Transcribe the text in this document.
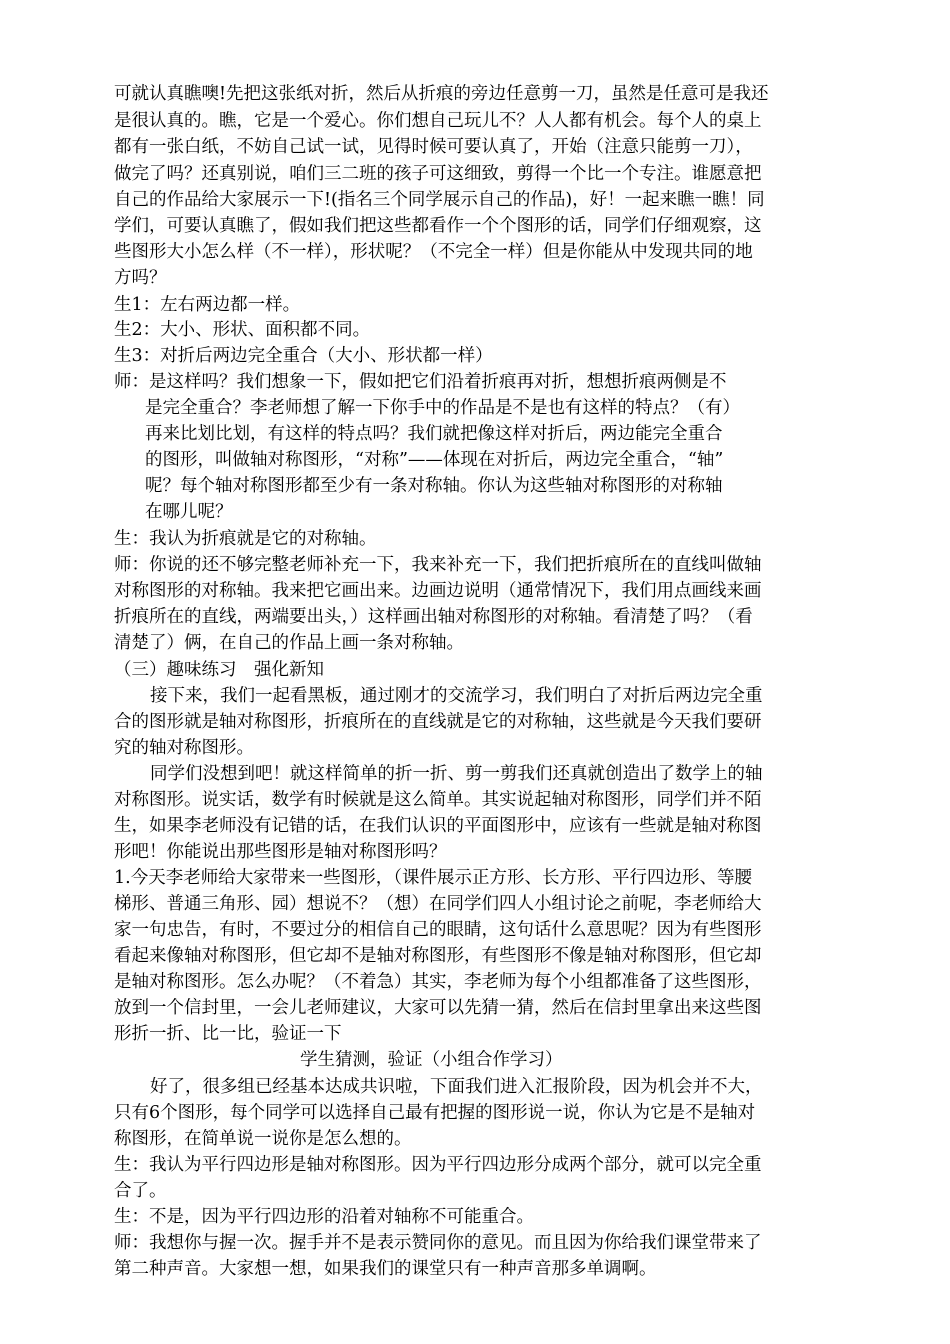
可就认真瞧噢!先把这张纸对折，然后从折痕的旁边任意剪一刀，虽然是任意可是我还
是很认真的。瞧，它是一个爱心。你们想自己玩儿不？人人都有机会。每个人的桌上
都有一张白纸，不妨自己试一试，见得时候可要认真了，开始（注意只能剪一刀），
做完了吗？还真别说，咱们三二班的孩子可这细致，剪得一个比一个专注。谁愿意把
自己的作品给大家展示一下!(指名三个同学展示自己的作品)，好！一起来瞧一瞧！同
学们，可要认真瞧了，假如我们把这些都看作一个个图形的话，同学们仔细观察，这
些图形大小怎么样（不一样），形状呢？（不完全一样）但是你能从中发现共同的地
方吗？
生1：左右两边都一样。
生2：大小、形状、面积都不同。
生3：对折后两边完全重合（大小、形状都一样）
师：是这样吗？我们想象一下，假如把它们沿着折痕再对折，想想折痕两侧是不
是完全重合？李老师想了解一下你手中的作品是不是也有这样的特点？（有）
再来比划比划，有这样的特点吗？我们就把像这样对折后，两边能完全重合
的图形，叫做轴对称图形，“对称”——体现在对折后，两边完全重合，“轴”
呢？每个轴对称图形都至少有一条对称轴。你认为这些轴对称图形的对称轴
在哪儿呢？
生：我认为折痕就是它的对称轴。
师：你说的还不够完整老师补充一下，我来补充一下，我们把折痕所在的直线叫做轴
对称图形的对称轴。我来把它画出来。边画边说明（通常情况下，我们用点画线来画
折痕所在的直线，两端要出头，）这样画出轴对称图形的对称轴。看清楚了吗？（看
清楚了）俩，在自己的作品上画一条对称轴。
（三）趣味练习　强化新知
接下来，我们一起看黑板，通过刚才的交流学习，我们明白了对折后两边完全重
合的图形就是轴对称图形，折痕所在的直线就是它的对称轴，这些就是今天我们要研
究的轴对称图形。
同学们没想到吧！就这样简单的折一折、剪一剪我们还真就创造出了数学上的轴
对称图形。说实话，数学有时候就是这么简单。其实说起轴对称图形，同学们并不陌
生，如果李老师没有记错的话，在我们认识的平面图形中，应该有一些就是轴对称图
形吧！你能说出那些图形是轴对称图形吗？
1.今天李老师给大家带来一些图形，（课件展示正方形、长方形、平行四边形、等腰
梯形、普通三角形、园）想说不？（想）在同学们四人小组讨论之前呢，李老师给大
家一句忠告，有时，不要过分的相信自己的眼睛，这句话什么意思呢？因为有些图形
看起来像轴对称图形，但它却不是轴对称图形，有些图形不像是轴对称图形，但它却
是轴对称图形。怎么办呢？（不着急）其实，李老师为每个小组都准备了这些图形，
放到一个信封里，一会儿老师建议，大家可以先猜一猜，然后在信封里拿出来这些图
形折一折、比一比，验证一下
学生猜测，验证（小组合作学习）
好了，很多组已经基本达成共识啦，下面我们进入汇报阶段，因为机会并不大，
只有6个图形，每个同学可以选择自己最有把握的图形说一说，你认为它是不是轴对
称图形，在简单说一说你是怎么想的。
生：我认为平行四边形是轴对称图形。因为平行四边形分成两个部分，就可以完全重
合了。
生：不是，因为平行四边形的沿着对轴称不可能重合。
师：我想你与握一次。握手并不是表示赞同你的意见。而且因为你给我们课堂带来了
第二种声音。大家想一想，如果我们的课堂只有一种声音那多单调啊。
